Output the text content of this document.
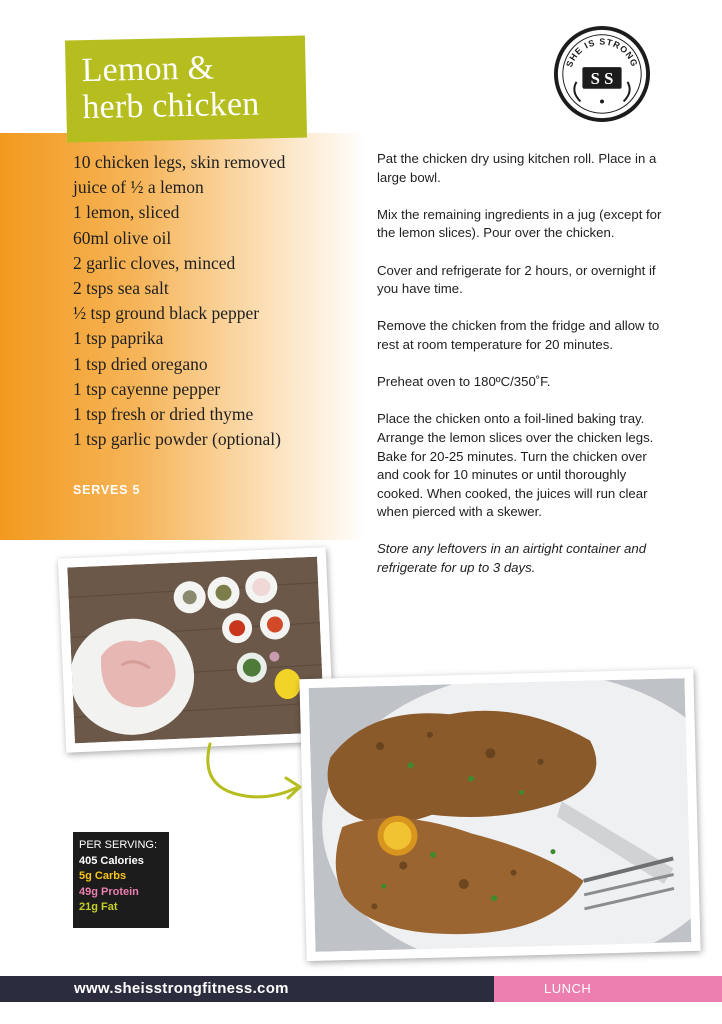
Lemon &
herb chicken
SHE IS STRONG
S S
10 chicken legs, skin removed
juice of ½ a lemon
1 lemon, sliced
60ml olive oil
2 garlic cloves, minced
2 tsps sea salt
½ tsp ground black pepper
1 tsp paprika
1 tsp dried oregano
1 tsp cayenne pepper
1 tsp fresh or dried thyme
1 tsp garlic powder (optional)
SERVES 5

Pat the chicken dry using kitchen roll. Place in a large bowl.

Mix the remaining ingredients in a jug (except for the lemon slices). Pour over the chicken.

Cover and refrigerate for 2 hours, or overnight if you have time.

Remove the chicken from the fridge and allow to rest at room temperature for 20 minutes.

Preheat oven to 180ºC/350˚F.

Place the chicken onto a foil-lined baking tray. Arrange the lemon slices over the chicken legs. Bake for 20-25 minutes. Turn the chicken over and cook for 10 minutes or until thoroughly cooked. When cooked, the juices will run clear when pierced with a skewer.

Store any leftovers in an airtight container and refrigerate for up to 3 days.

PER SERVING:
405 Calories
5g Carbs
49g Protein
21g Fat
www.sheisstrongfitness.com	LUNCH
